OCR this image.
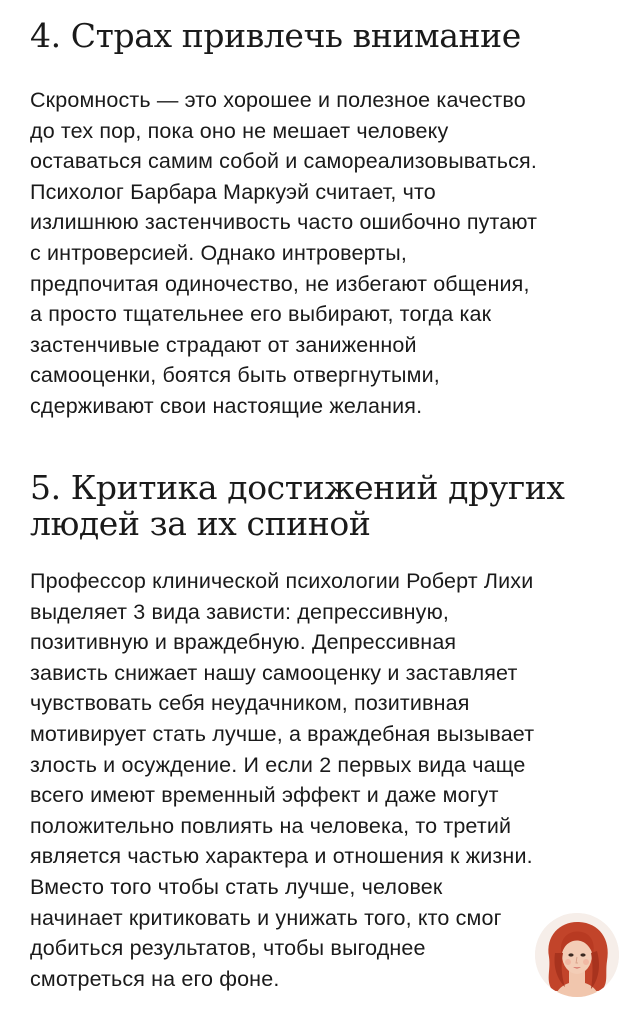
4. Страх привлечь внимание

Скромность — это хорошее и полезное качество
до тех пор, пока оно не мешает человеку
оставаться самим собой и самореализовываться.
Психолог Барбара Маркуэй считает, что
излишнюю застенчивость часто ошибочно путают
с интроверсией. Однако интроверты,
предпочитая одиночество, не избегают общения,
а просто тщательнее его выбирают, тогда как
застенчивые страдают от заниженной
самооценки, боятся быть отвергнутыми,
сдерживают свои настоящие желания.

5. Критика достижений других
людей за их спиной

Профессор клинической психологии Роберт Лихи
выделяет 3 вида зависти: депрессивную,
позитивную и враждебную. Депрессивная
зависть снижает нашу самооценку и заставляет
чувствовать себя неудачником, позитивная
мотивирует стать лучше, а враждебная вызывает
злость и осуждение. И если 2 первых вида чаще
всего имеют временный эффект и даже могут
положительно повлиять на человека, то третий
является частью характера и отношения к жизни.
Вместо того чтобы стать лучше, человек
начинает критиковать и унижать того, кто смог
добиться результатов, чтобы выгоднее
смотреться на его фоне.
